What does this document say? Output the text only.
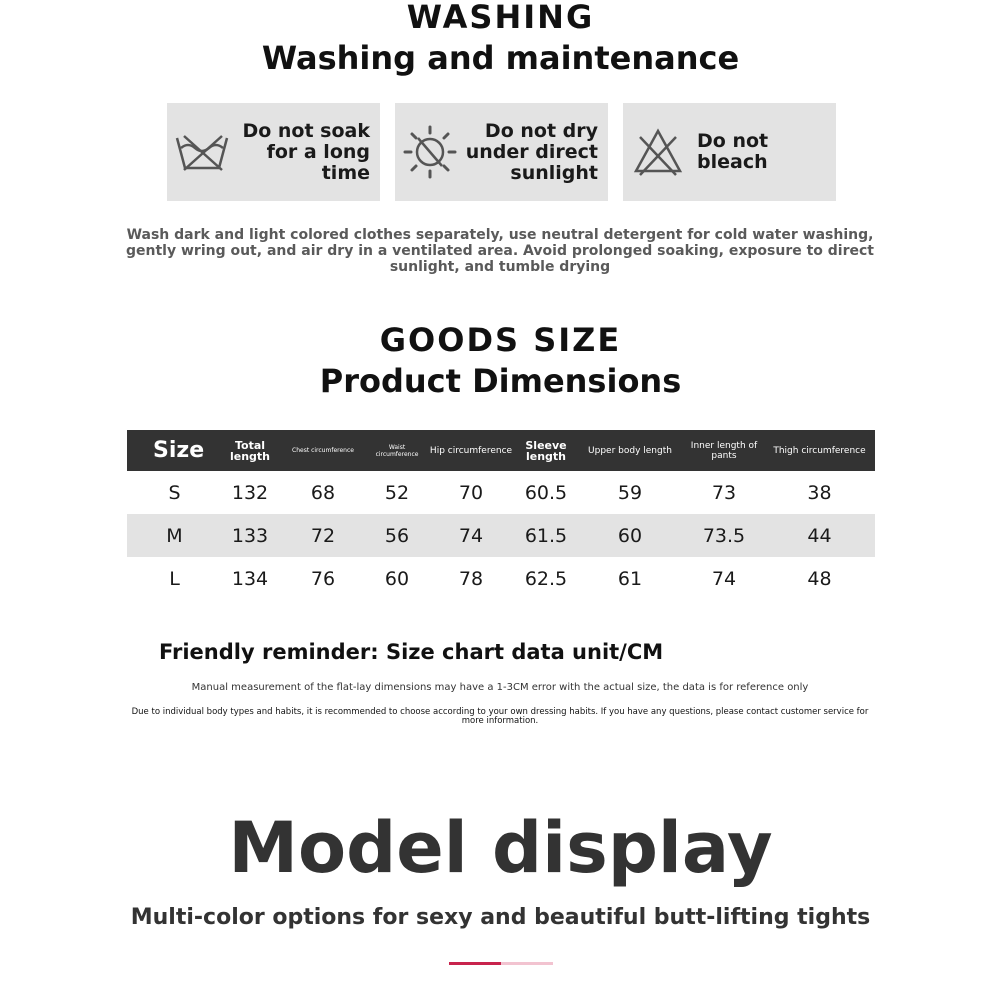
WASHING
Washing and maintenance
Do not soak for a long time
Do not dry under direct sunlight
Do not bleach
Wash dark and light colored clothes separately, use neutral detergent for cold water washing, gently wring out, and air dry in a ventilated area. Avoid prolonged soaking, exposure to direct sunlight, and tumble drying
GOODS SIZE
Product Dimensions
Size	Total length	Chest circumference	Waist circumference	Hip circumference	Sleeve length	Upper body length	Inner length of pants	Thigh circumference
S	132	68	52	70	60.5	59	73	38
M	133	72	56	74	61.5	60	73.5	44
L	134	76	60	78	62.5	61	74	48
Friendly reminder: Size chart data unit/CM
Manual measurement of the flat-lay dimensions may have a 1-3CM error with the actual size, the data is for reference only
Due to individual body types and habits, it is recommended to choose according to your own dressing habits. If you have any questions, please contact customer service for more information.
Model display
Multi-color options for sexy and beautiful butt-lifting tights
